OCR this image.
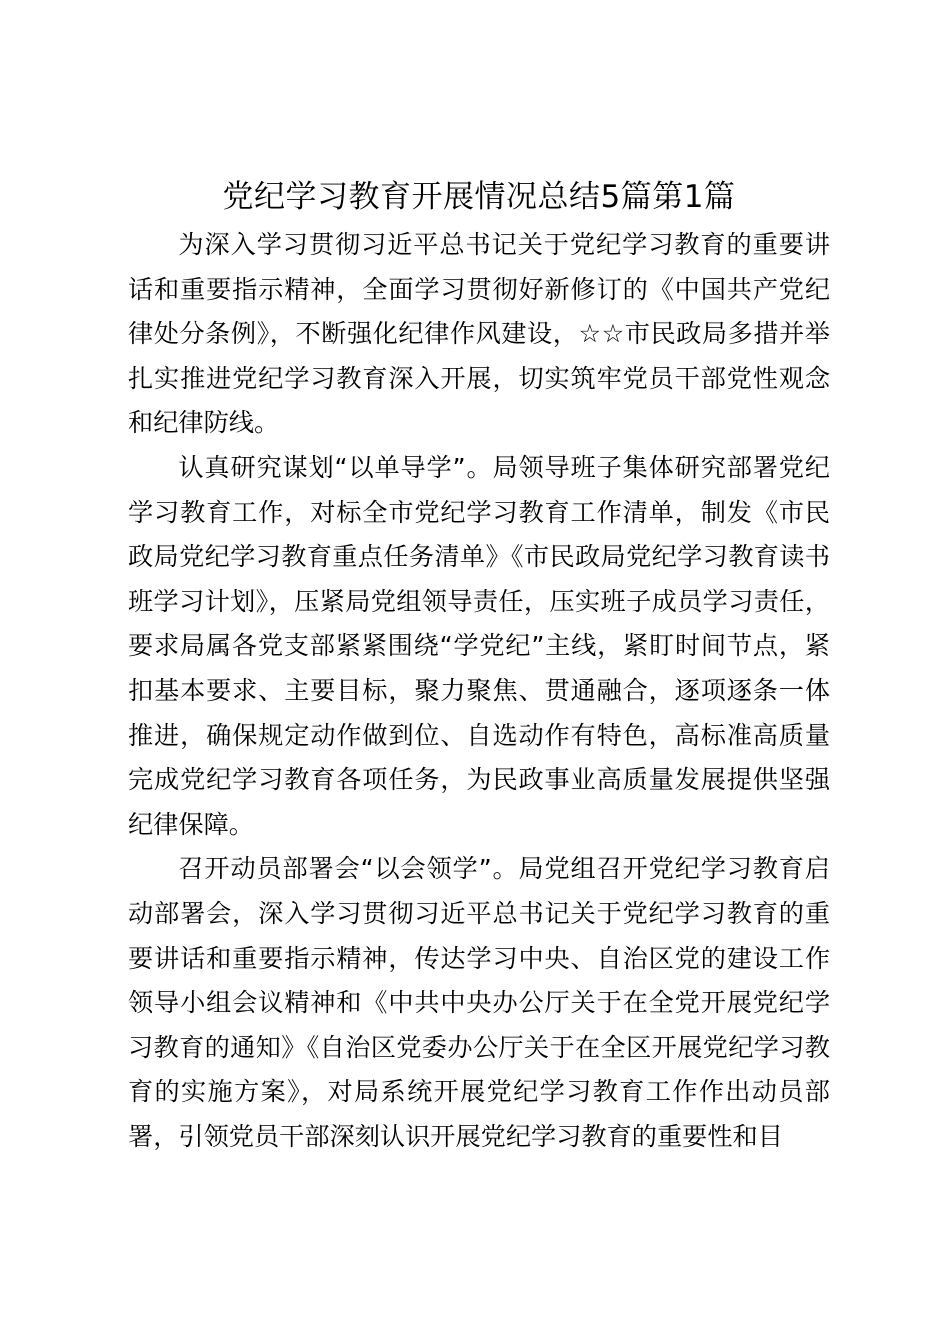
党纪学习教育开展情况总结5篇第1篇

为深入学习贯彻习近平总书记关于党纪学习教育的重要讲话和重要指示精神，全面学习贯彻好新修订的《中国共产党纪律处分条例》，不断强化纪律作风建设，☆☆市民政局多措并举扎实推进党纪学习教育深入开展，切实筑牢党员干部党性观念和纪律防线。

认真研究谋划“以单导学”。局领导班子集体研究部署党纪学习教育工作，对标全市党纪学习教育工作清单，制发《市民政局党纪学习教育重点任务清单》《市民政局党纪学习教育读书班学习计划》，压紧局党组领导责任，压实班子成员学习责任，要求局属各党支部紧紧围绕“学党纪”主线，紧盯时间节点，紧扣基本要求、主要目标，聚力聚焦、贯通融合，逐项逐条一体推进，确保规定动作做到位、自选动作有特色，高标准高质量完成党纪学习教育各项任务，为民政事业高质量发展提供坚强纪律保障。

召开动员部署会“以会领学”。局党组召开党纪学习教育启动部署会，深入学习贯彻习近平总书记关于党纪学习教育的重要讲话和重要指示精神，传达学习中央、自治区党的建设工作领导小组会议精神和《中共中央办公厅关于在全党开展党纪学习教育的通知》《自治区党委办公厅关于在全区开展党纪学习教育的实施方案》，对局系统开展党纪学习教育工作作出动员部署，引领党员干部深刻认识开展党纪学习教育的重要性和目
